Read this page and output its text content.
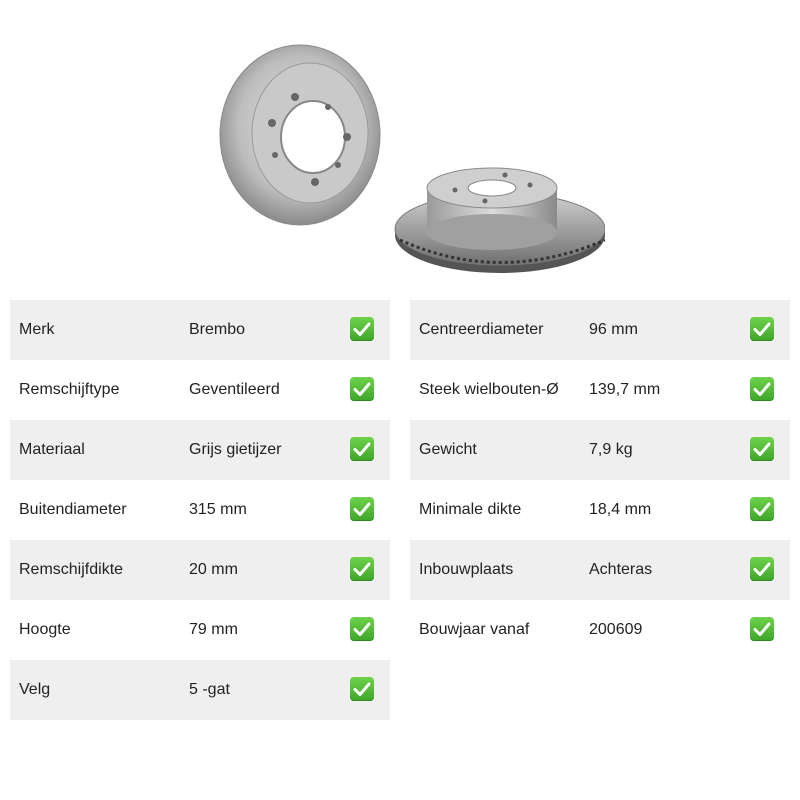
Merk	Brembo
Remschijftype	Geventileerd
Materiaal	Grijs gietijzer
Buitendiameter	315 mm
Remschijfdikte	20 mm
Hoogte	79 mm
Velg	5 -gat
Centreerdiameter	96 mm
Steek wielbouten-Ø 139,7 mm
Gewicht	7,9 kg
Minimale dikte	18,4 mm
Inbouwplaats	Achteras
Bouwjaar vanaf	200609
